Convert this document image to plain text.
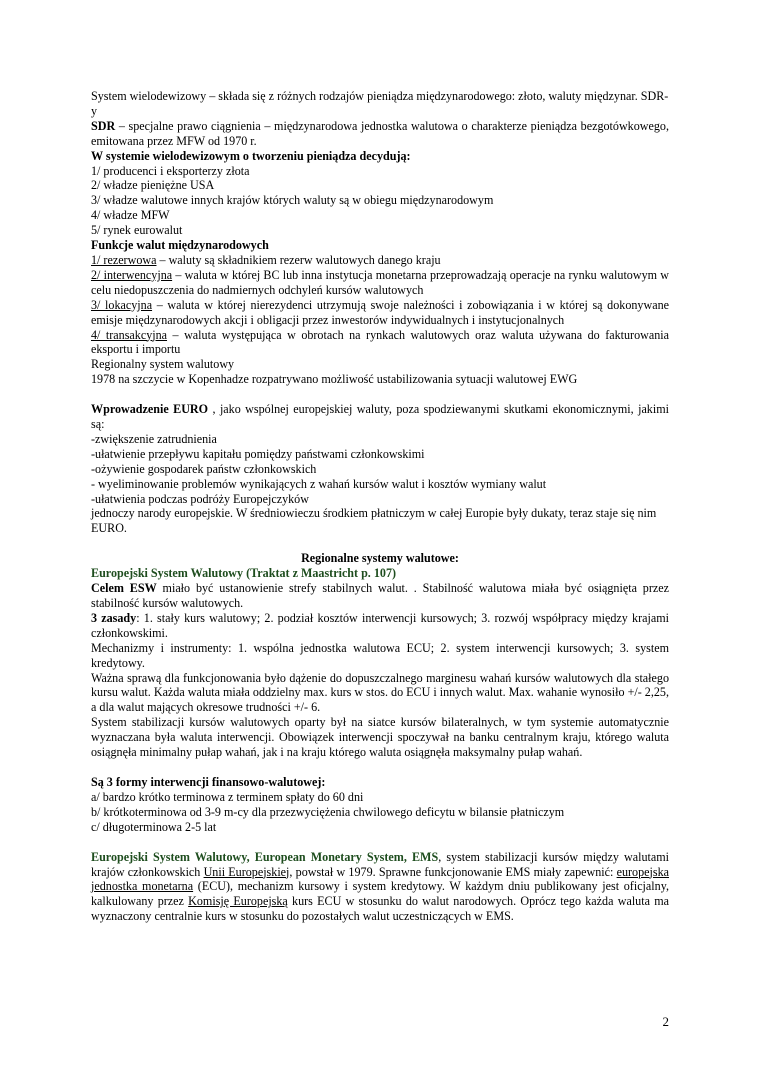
System wielodewizowy – składa się z różnych rodzajów pieniądza międzynarodowego: złoto, waluty międzynar. SDR-y

SDR – specjalne prawo ciągnienia – międzynarodowa jednostka walutowa o charakterze pieniądza bezgotówkowego, emitowana przez MFW od 1970 r.

W systemie wielodewizowym o tworzeniu pieniądza decydują:

1/ producenci i eksporterzy złota

2/ władze pieniężne USA

3/ władze walutowe innych krajów których waluty są w obiegu międzynarodowym

4/ władze MFW

5/ rynek eurowalut

Funkcje walut międzynarodowych

1/ rezerwowa – waluty są składnikiem rezerw walutowych danego kraju

2/ interwencyjna – waluta w której BC lub inna instytucja monetarna przeprowadzają operacje na rynku walutowym w celu niedopuszczenia do nadmiernych odchyleń kursów walutowych

3/ lokacyjna – waluta w której nierezydenci utrzymują swoje należności i zobowiązania i w której są dokonywane emisje międzynarodowych akcji i obligacji przez inwestorów indywidualnych i instytucjonalnych

4/ transakcyjna – waluta występująca w obrotach na rynkach walutowych oraz waluta używana do fakturowania eksportu i importu

Regionalny system walutowy

1978 na szczycie w Kopenhadze rozpatrywano możliwość ustabilizowania sytuacji walutowej EWG

Wprowadzenie EURO , jako wspólnej europejskiej waluty, poza spodziewanymi skutkami ekonomicznymi, jakimi są:

-zwiększenie zatrudnienia

-ułatwienie przepływu kapitału pomiędzy państwami członkowskimi

-ożywienie gospodarek państw członkowskich

- wyeliminowanie problemów wynikających z wahań kursów walut i kosztów wymiany walut

-ułatwienia podczas podróży Europejczyków

jednoczy narody europejskie. W średniowieczu środkiem płatniczym w całej Europie były dukaty, teraz staje się nim EURO.

Regionalne systemy walutowe:

Europejski System Walutowy (Traktat z Maastricht p. 107)

Celem ESW miało być ustanowienie strefy stabilnych walut. . Stabilność walutowa miała być osiągnięta przez stabilność kursów walutowych.

3 zasady: 1. stały kurs walutowy; 2. podział kosztów interwencji kursowych; 3. rozwój współpracy między krajami członkowskimi.

Mechanizmy i instrumenty: 1. wspólna jednostka walutowa ECU; 2. system interwencji kursowych; 3. system kredytowy.

Ważna sprawą dla funkcjonowania było dążenie do dopuszczalnego marginesu wahań kursów walutowych dla stałego kursu walut. Każda waluta miała oddzielny max. kurs w stos. do ECU i innych walut. Max. wahanie wynosiło +/- 2,25, a dla walut mających okresowe trudności +/- 6.

System stabilizacji kursów walutowych oparty był na siatce kursów bilateralnych, w tym systemie automatycznie wyznaczana była waluta interwencji. Obowiązek interwencji spoczywał na banku centralnym kraju, którego waluta osiągnęła minimalny pułap wahań, jak i na kraju którego waluta osiągnęła maksymalny pułap wahań.

Są 3 formy interwencji finansowo-walutowej:

a/ bardzo krótko terminowa z terminem spłaty do 60 dni

b/ krótkoterminowa od 3-9 m-cy dla przezwyciężenia chwilowego deficytu w bilansie płatniczym

c/ długoterminowa 2-5 lat

Europejski System Walutowy, European Monetary System, EMS, system stabilizacji kursów między walutami krajów członkowskich Unii Europejskiej, powstał w 1979. Sprawne funkcjonowanie EMS miały zapewnić: europejska jednostka monetarna (ECU), mechanizm kursowy i system kredytowy. W każdym dniu publikowany jest oficjalny, kalkulowany przez Komisję Europejską kurs ECU w stosunku do walut narodowych. Oprócz tego każda waluta ma wyznaczony centralnie kurs w stosunku do pozostałych walut uczestniczących w EMS.

2
